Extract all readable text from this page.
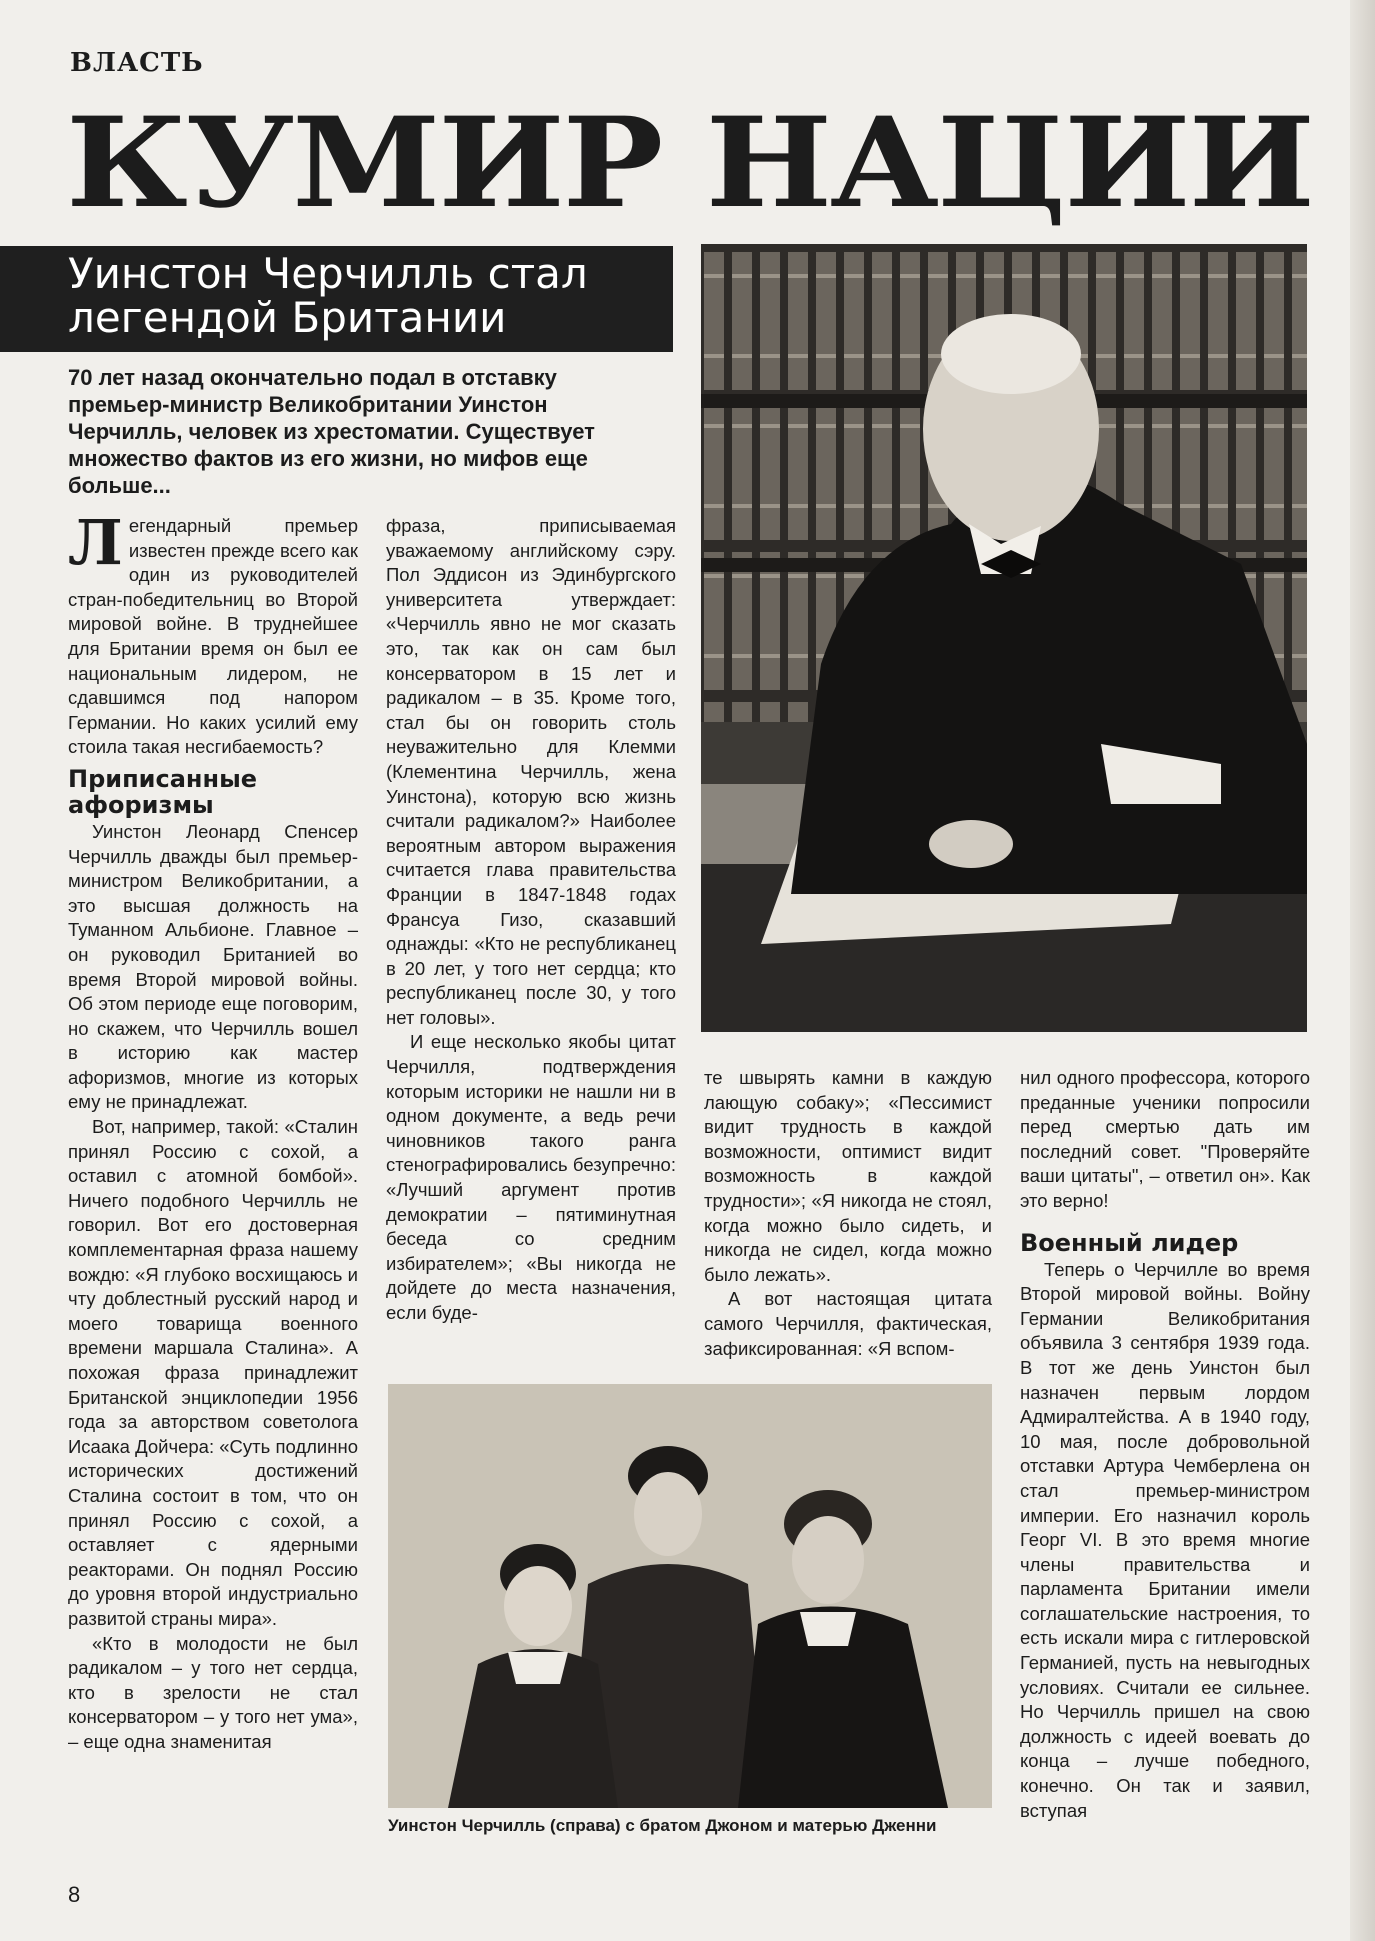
ВЛАСТЬ
КУМИР НАЦИИ
Уинстон Черчилль стал
легендой Британии
70 лет назад окончательно подал в отставку премьер-министр Великобритании Уинстон Черчилль, человек из хрестоматии. Существует множество фактов из его жизни, но мифов еще больше...

Легендарный премьер известен прежде всего как один из руководителей стран-победительниц во Второй мировой войне. В труднейшее для Британии время он был ее национальным лидером, не сдавшимся под напором Германии. Но каких усилий ему стоила такая несгибаемость?

Приписанные афоризмы

Уинстон Леонард Спенсер Черчилль дважды был премьер-министром Великобритании, а это высшая должность на Туманном Альбионе. Главное – он руководил Британией во время Второй мировой войны. Об этом периоде еще поговорим, но скажем, что Черчилль вошел в историю как мастер афоризмов, многие из которых ему не принадлежат.

Вот, например, такой: «Сталин принял Россию с сохой, а оставил с атомной бомбой». Ничего подобного Черчилль не говорил. Вот его достоверная комплементарная фраза нашему вождю: «Я глубоко восхищаюсь и чту доблестный русский народ и моего товарища военного времени маршала Сталина». А похожая фраза принадлежит Британской энциклопедии 1956 года за авторством советолога Исаака Дойчера: «Суть подлинно исторических достижений Сталина состоит в том, что он принял Россию с сохой, а оставляет с ядерными реакторами. Он поднял Россию до уровня второй индустриально развитой страны мира».

«Кто в молодости не был радикалом – у того нет сердца, кто в зрелости не стал консерватором – у того нет ума», – еще одна знаменитая

фраза, приписываемая уважаемому английскому сэру. Пол Эддисон из Эдинбургского университета утверждает: «Черчилль явно не мог сказать это, так как он сам был консерватором в 15 лет и радикалом – в 35. Кроме того, стал бы он говорить столь неуважительно для Клемми (Клементина Черчилль, жена Уинстона), которую всю жизнь считали радикалом?» Наиболее вероятным автором выражения считается глава правительства Франции в 1847-1848 годах Франсуа Гизо, сказавший однажды: «Кто не республиканец в 20 лет, у того нет сердца; кто республиканец после 30, у того нет головы».

И еще несколько якобы цитат Черчилля, подтверждения которым историки не нашли ни в одном документе, а ведь речи чиновников такого ранга стенографировались безупречно: «Лучший аргумент против демократии – пятиминутная беседа со средним избирателем»; «Вы никогда не дойдете до места назначения, если буде-

те швырять камни в каждую лающую собаку»; «Пессимист видит трудность в каждой возможности, оптимист видит возможность в каждой трудности»; «Я никогда не стоял, когда можно было сидеть, и никогда не сидел, когда можно было лежать».

А вот настоящая цитата самого Черчилля, фактическая, зафиксированная: «Я вспом-

нил одного профессора, которого преданные ученики попросили перед смертью дать им последний совет. "Проверяйте ваши цитаты", – ответил он». Как это верно!

Военный лидер

Теперь о Черчилле во время Второй мировой войны. Войну Германии Великобритания объявила 3 сентября 1939 года. В тот же день Уинстон был назначен первым лордом Адмиралтейства. А в 1940 году, 10 мая, после добровольной отставки Артура Чемберлена он стал премьер-министром империи. Его назначил король Георг VI. В это время многие члены правительства и парламента Британии имели соглашательские настроения, то есть искали мира с гитлеровской Германией, пусть на невыгодных условиях. Считали ее сильнее. Но Черчилль пришел на свою должность с идеей воевать до конца – лучше победного, конечно. Он так и заявил, вступая

Уинстон Черчилль (справа) с братом Джоном и матерью Дженни
8
